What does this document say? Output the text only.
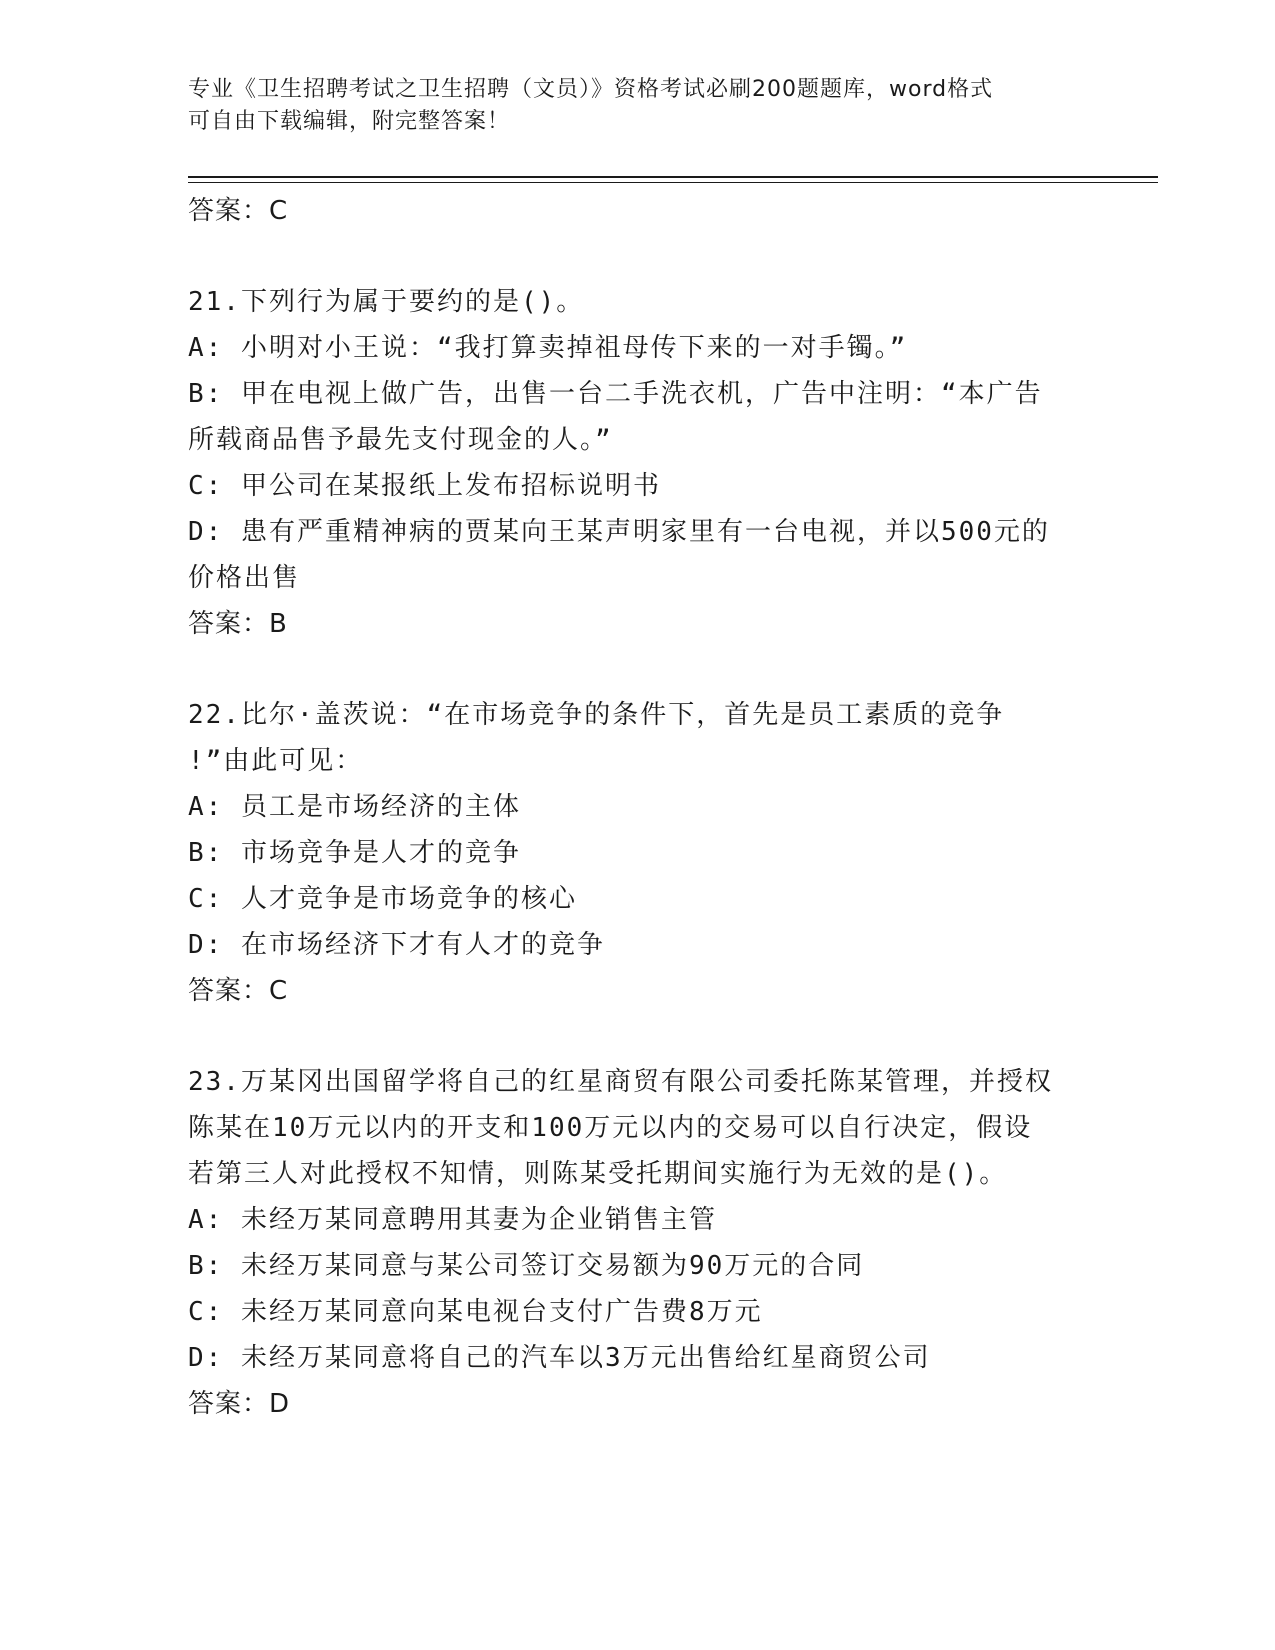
专业《卫生招聘考试之卫生招聘（文员）》资格考试必刷200题题库，word格式

可自由下载编辑，附完整答案！

答案：C

21.下列行为属于要约的是()。

A: 小明对小王说：“我打算卖掉祖母传下来的一对手镯。”

B: 甲在电视上做广告，出售一台二手洗衣机，广告中注明：“本广告

所载商品售予最先支付现金的人。”

C: 甲公司在某报纸上发布招标说明书

D: 患有严重精神病的贾某向王某声明家里有一台电视，并以500元的

价格出售

答案：B

22.比尔·盖茨说：“在市场竞争的条件下，首先是员工素质的竞争

!”由此可见：

A: 员工是市场经济的主体

B: 市场竞争是人才的竞争

C: 人才竞争是市场竞争的核心

D: 在市场经济下才有人才的竞争

答案：C

23.万某冈出国留学将自己的红星商贸有限公司委托陈某管理，并授权

陈某在10万元以内的开支和100万元以内的交易可以自行决定，假设

若第三人对此授权不知情，则陈某受托期间实施行为无效的是()。

A: 未经万某同意聘用其妻为企业销售主管

B: 未经万某同意与某公司签订交易额为90万元的合同

C: 未经万某同意向某电视台支付广告费8万元

D: 未经万某同意将自己的汽车以3万元出售给红星商贸公司

答案：D
